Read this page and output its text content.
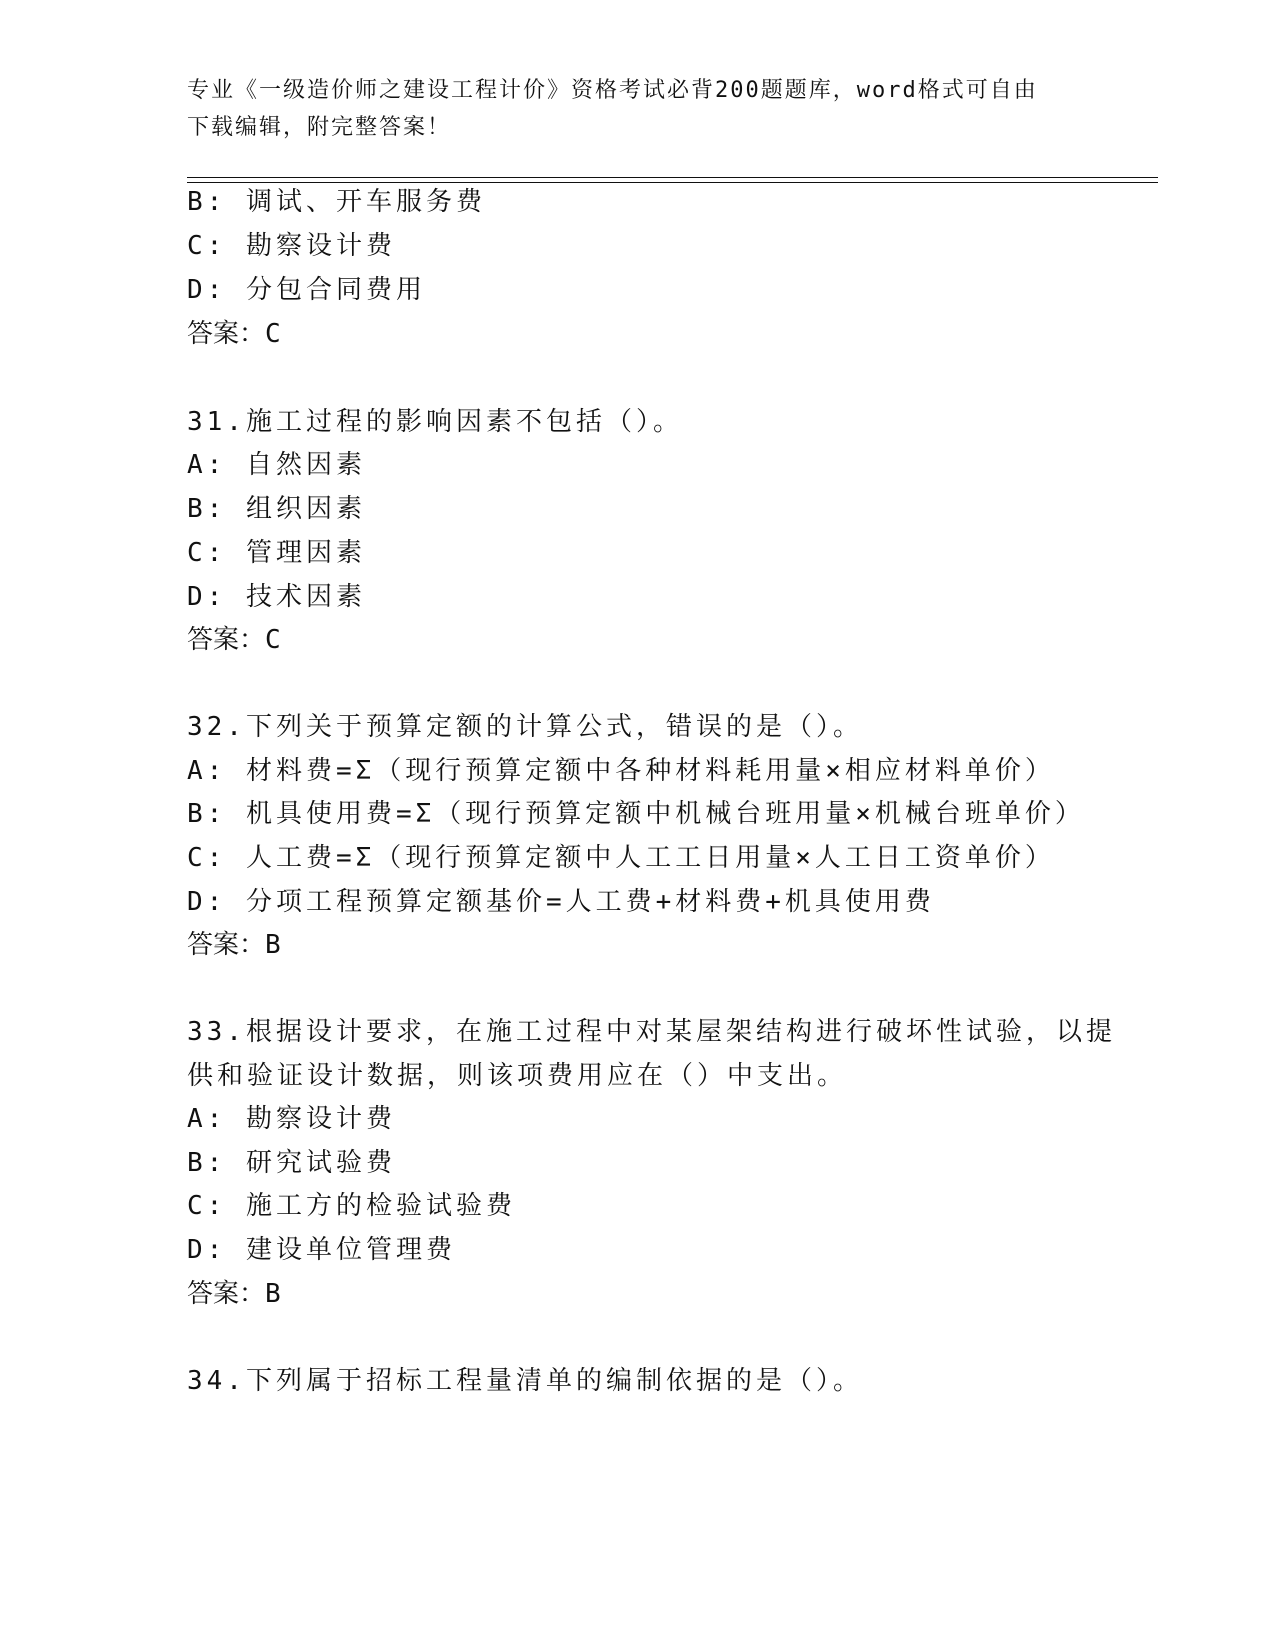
专业《一级造价师之建设工程计价》资格考试必背200题题库，word格式可自由
下载编辑，附完整答案！
B: 调试、开车服务费
C: 勘察设计费
D: 分包合同费用
答案：C
31.施工过程的影响因素不包括（）。
A: 自然因素
B: 组织因素
C: 管理因素
D: 技术因素
答案：C
32.下列关于预算定额的计算公式，错误的是（）。
A: 材料费=Σ（现行预算定额中各种材料耗用量×相应材料单价）
B: 机具使用费=Σ（现行预算定额中机械台班用量×机械台班单价）
C: 人工费=Σ（现行预算定额中人工工日用量×人工日工资单价）
D: 分项工程预算定额基价=人工费+材料费+机具使用费
答案：B
33.根据设计要求，在施工过程中对某屋架结构进行破坏性试验，以提
供和验证设计数据，则该项费用应在（）中支出。
A: 勘察设计费
B: 研究试验费
C: 施工方的检验试验费
D: 建设单位管理费
答案：B
34.下列属于招标工程量清单的编制依据的是（）。
